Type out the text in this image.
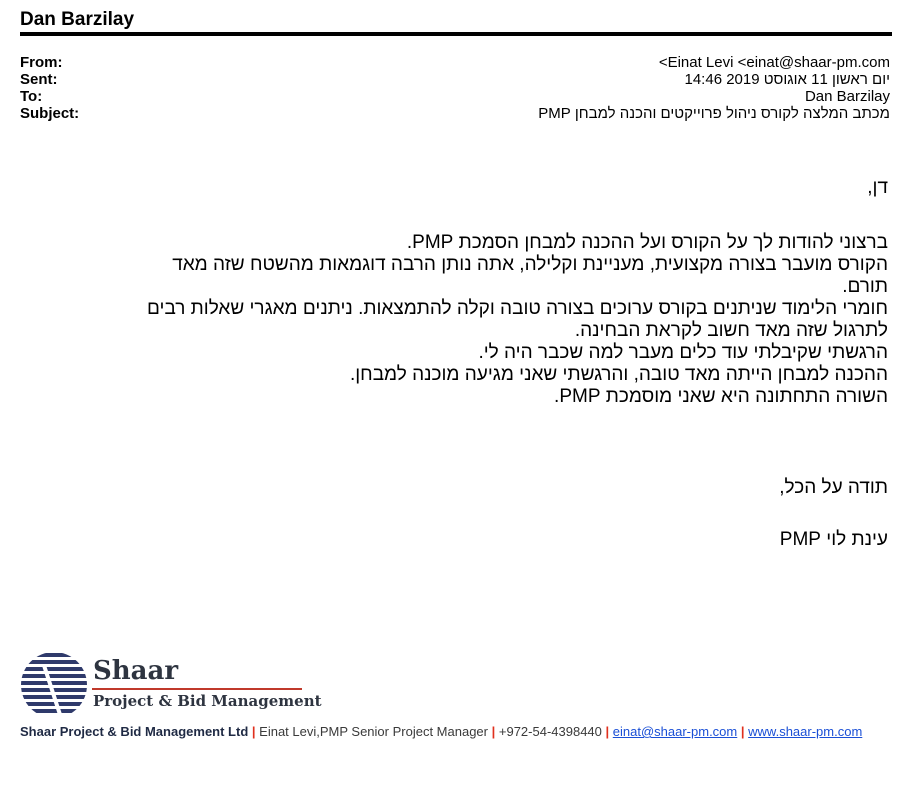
Dan Barzilay
From:
Sent:
To:
Subject:
<Einat Levi <einat@shaar-pm.com
יום ראשון 11 אוגוסט 2019 14:46
Dan Barzilay
מכתב המלצה לקורס ניהול פרוייקטים והכנה למבחן PMP
דן,
ברצוני להודות לך על הקורס ועל ההכנה למבחן הסמכת PMP.
הקורס מועבר בצורה מקצועית, מעניינת וקלילה, אתה נותן הרבה דוגמאות מהשטח שזה מאד
תורם.
חומרי הלימוד שניתנים בקורס ערוכים בצורה טובה וקלה להתמצאות. ניתנים מאגרי שאלות רבים
לתרגול שזה מאד חשוב לקראת הבחינה.
הרגשתי שקיבלתי עוד כלים מעבר למה שכבר היה לי.
ההכנה למבחן הייתה מאד טובה, והרגשתי שאני מגיעה מוכנה למבחן.
השורה התחתונה היא שאני מוסמכת PMP.
תודה על הכל,
עינת לוי PMP
Shaar
Project & Bid Management
Shaar Project & Bid Management Ltd | Einat Levi,PMP Senior Project Manager | +972-54-4398440 | einat@shaar-pm.com | www.shaar-pm.com
